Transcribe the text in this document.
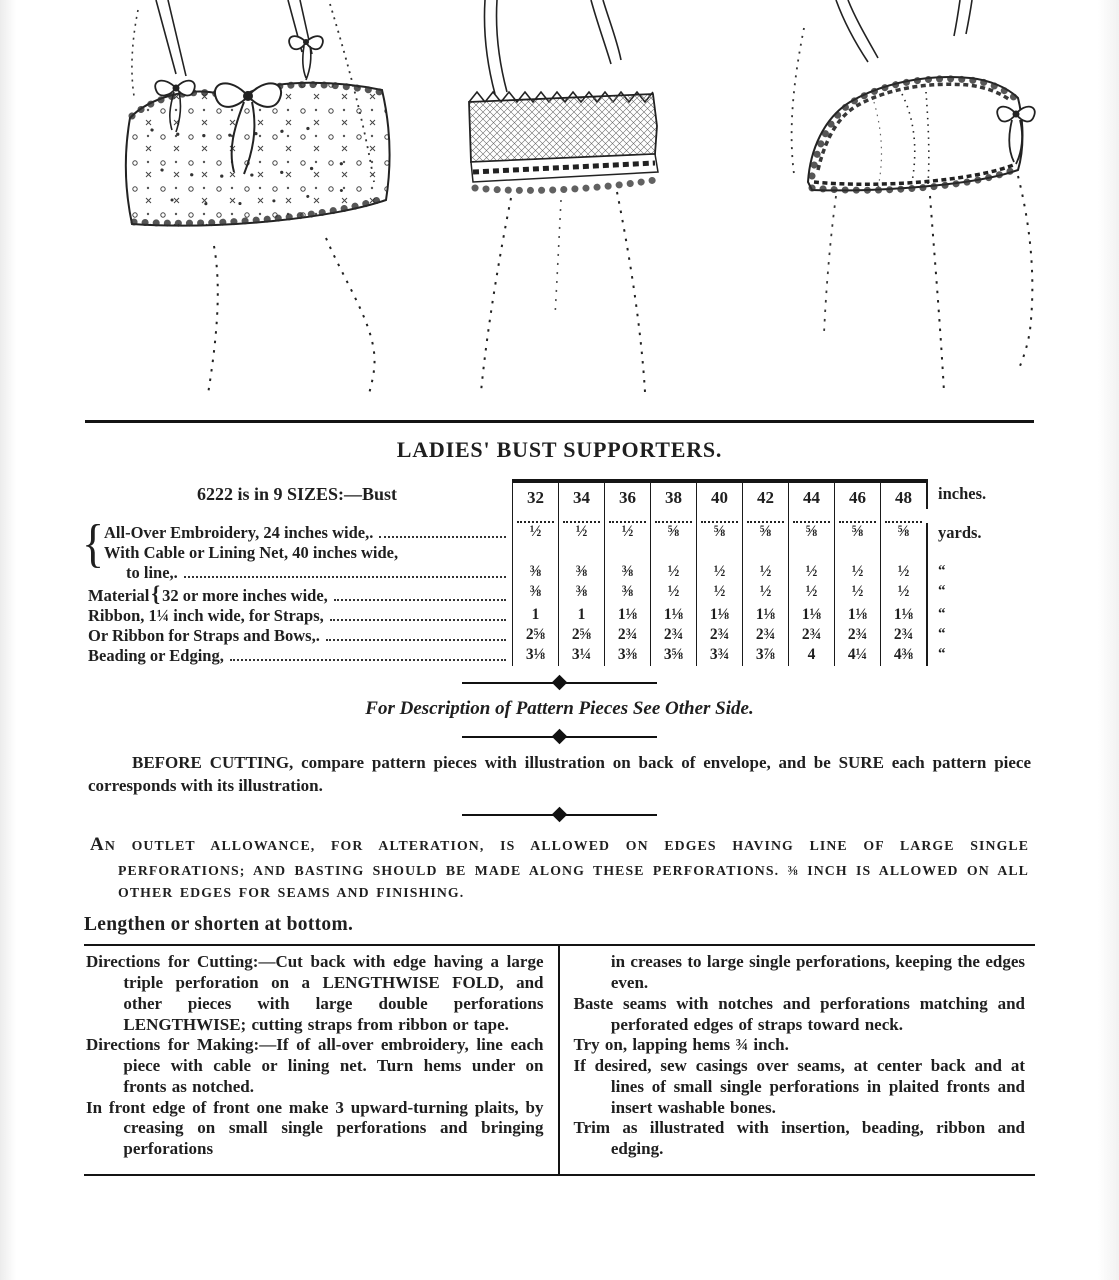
LADIES' BUST SUPPORTERS.
{
6222 is in 9 SIZES:—Bust	32	34	36	38	40	42	44	46	48	inches.
All-Over Embroidery, 24 inches wide,.	½	½	½	⅝	⅝	⅝	⅝	⅝	⅝	yards.
With Cable or Lining Net, 40 inches wide,
to line,.	⅜	⅜	⅜	½	½	½	½	½	½	“
Material { 32 or more inches wide,	⅜	⅜	⅜	½	½	½	½	½	½	“
Ribbon, 1¼ inch wide, for Straps,	1	1	1⅛	1⅛	1⅛	1⅛	1⅛	1⅛	1⅛	“
Or Ribbon for Straps and Bows,.	2⅝	2⅝	2¾	2¾	2¾	2¾	2¾	2¾	2¾	“
Beading or Edging,	3⅛	3¼	3⅜	3⅝	3¾	3⅞	4	4¼	4⅜	“
For Description of Pattern Pieces See Other Side.

BEFORE CUTTING, compare pattern pieces with illustration on back of envelope, and be SURE each pattern piece corresponds with its illustration.

AN OUTLET ALLOWANCE, FOR ALTERATION, IS ALLOWED ON EDGES HAVING LINE OF LARGE SINGLE PERFORATIONS; AND BASTING SHOULD BE MADE ALONG THESE PERFORATIONS. ⅜ INCH IS ALLOWED ON ALL OTHER EDGES FOR SEAMS AND FINISHING.

Lengthen or shorten at bottom.

Directions for Cutting:—Cut back with edge having a large triple perforation on a LENGTHWISE FOLD, and other pieces with large double perforations LENGTHWISE; cutting straps from ribbon or tape.

Directions for Making:—If of all-over embroidery, line each piece with cable or lining net. Turn hems under on fronts as notched.

In front edge of front one make 3 upward-turning plaits, by creasing on small single perforations and bringing perforations

in creases to large single perforations, keeping the edges even.

Baste seams with notches and perforations matching and perforated edges of straps toward neck.

Try on, lapping hems ¾ inch.

If desired, sew casings over seams, at center back and at lines of small single perforations in plaited fronts and insert washable bones.

Trim as illustrated with insertion, beading, ribbon and edging.
